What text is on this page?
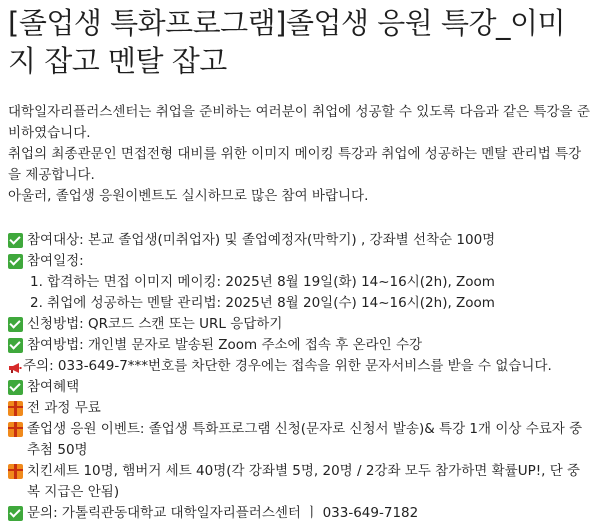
[졸업생 특화프로그램]졸업생 응원 특강_이미지 잡고 멘탈 잡고

대학일자리플러스센터는 취업을 준비하는 여러분이 취업에 성공할 수 있도록 다음과 같은 특강을 준비하였습니다.

취업의 최종관문인 면접전형 대비를 위한 이미지 메이킹 특강과 취업에 성공하는 멘탈 관리법 특강을 제공합니다.

아울러, 졸업생 응원이벤트도 실시하므로 많은 참여 바랍니다.

참여대상: 본교 졸업생(미취업자) 및 졸업예정자(막학기) , 강좌별 선착순 100명
참여일정:
1. 합격하는 면접 이미지 메이킹: 2025년 8월 19일(화) 14~16시(2h), Zoom
2. 취업에 성공하는 멘탈 관리법: 2025년 8월 20일(수) 14~16시(2h), Zoom
신청방법: QR코드 스캔 또는 URL 응답하기
참여방법: 개인별 문자로 발송된 Zoom 주소에 접속 후 온라인 수강
주의: 033-649-7***번호를 차단한 경우에는 접속을 위한 문자서비스를 받을 수 없습니다.
참여혜택
전 과정 무료
졸업생 응원 이벤트: 졸업생 특화프로그램 신청(문자로 신청서 발송)& 특강 1개 이상 수료자 중 추첨 50명
치킨세트 10명, 햄버거 세트 40명(각 강좌별 5명, 20명 / 2강좌 모두 참가하면 확률UP!, 단 중복 지급은 안됨)
문의: 가톨릭관동대학교 대학일자리플러스센터 ㅣ 033-649-7182
